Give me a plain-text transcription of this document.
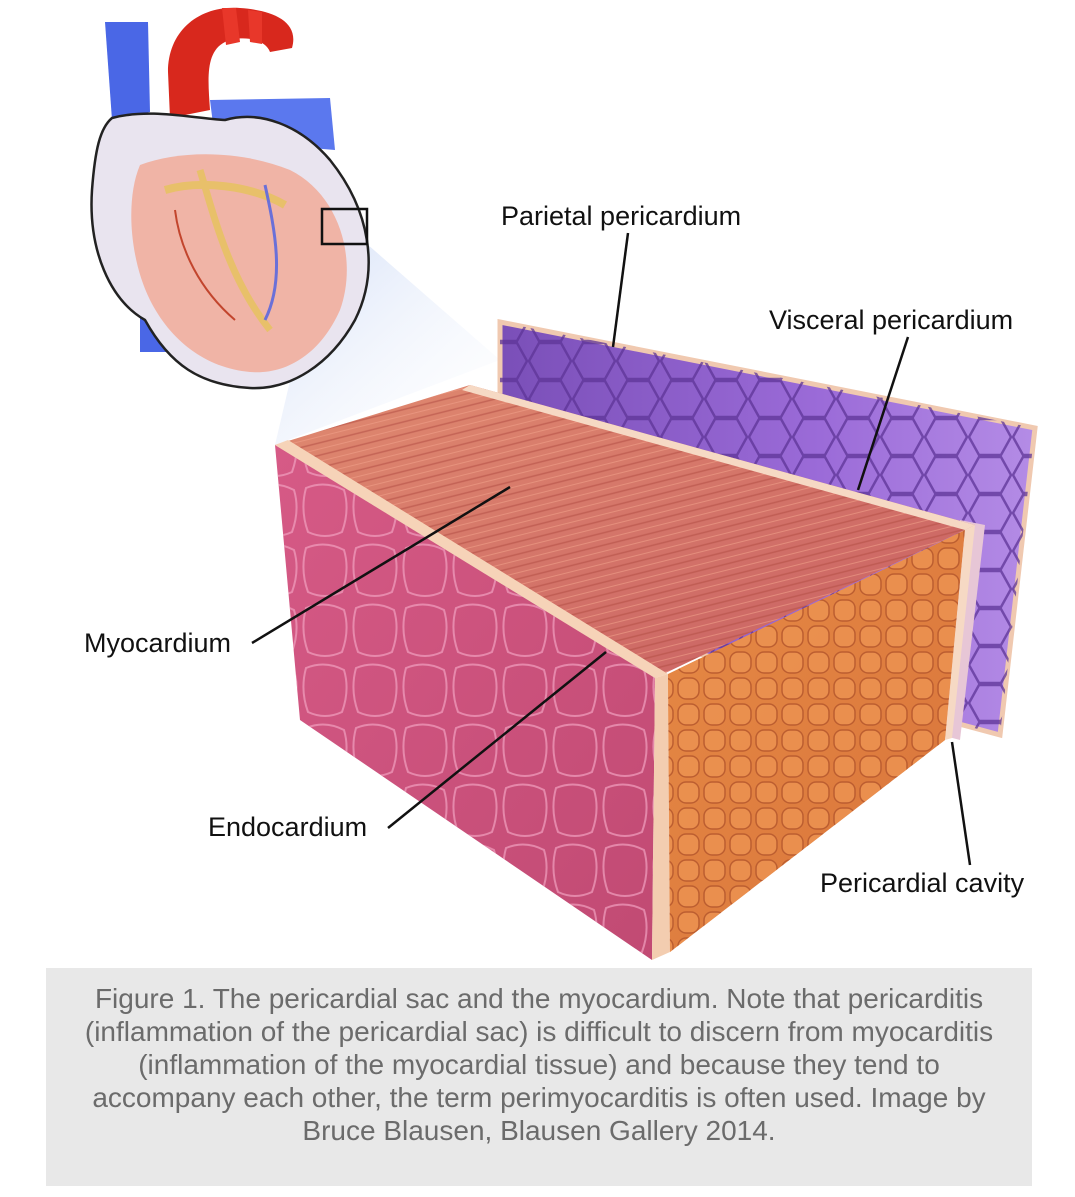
Parietal pericardium
Visceral pericardium
Myocardium
Endocardium
Pericardial cavity
Figure 1. The pericardial sac and the myocardium. Note that pericarditis (inflammation of the pericardial sac) is difficult to discern from myocarditis (inflammation of the myocardial tissue) and because they tend to accompany each other, the term perimyocarditis is often used. Image by Bruce Blausen, Blausen Gallery 2014.
